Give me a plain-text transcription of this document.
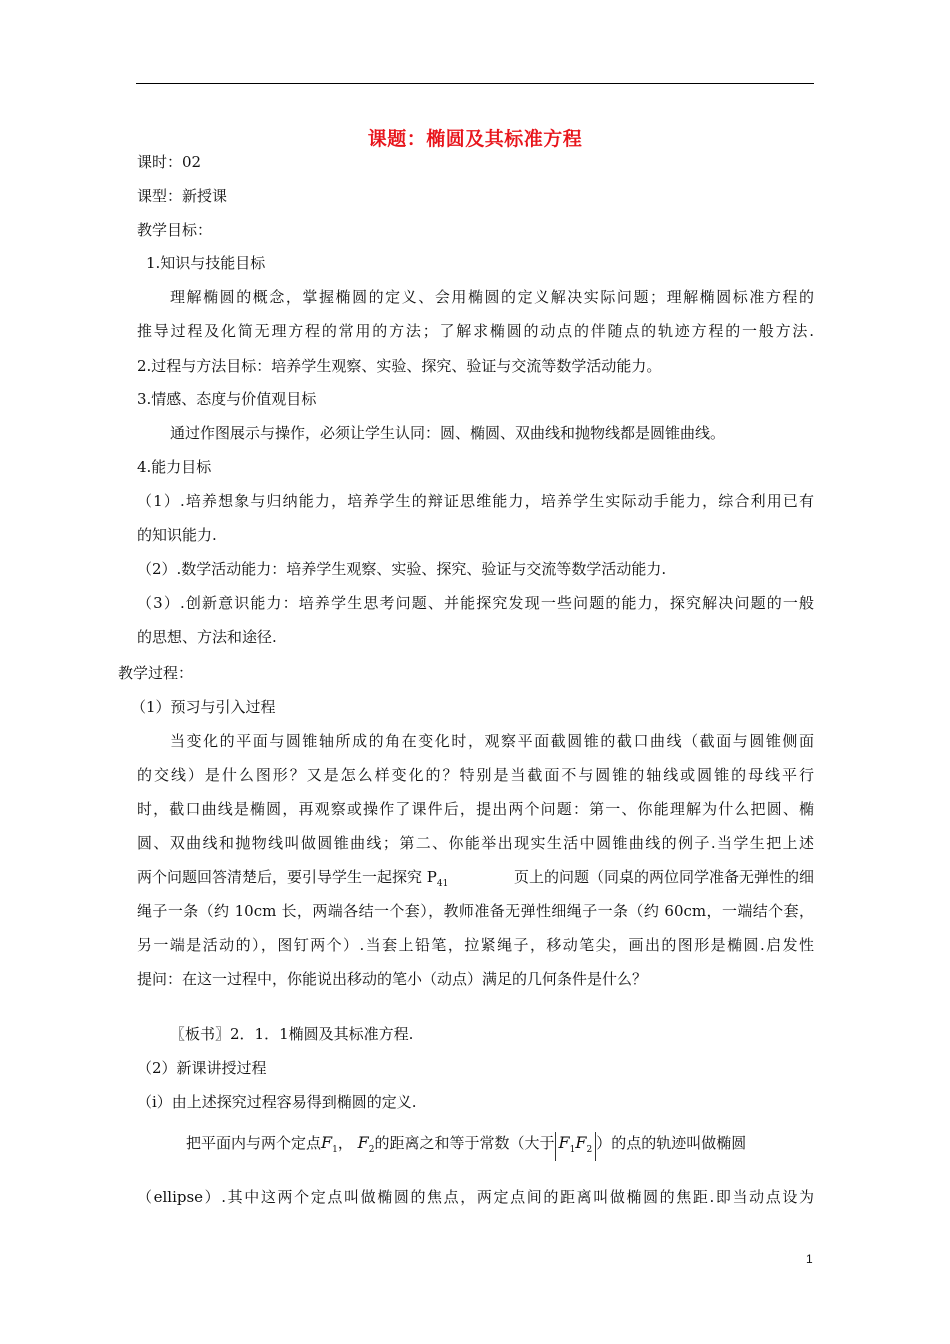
课题：椭圆及其标准方程
课时：02
课型：新授课
教学目标：
1.知识与技能目标
理解椭圆的概念，掌握椭圆的定义、会用椭圆的定义解决实际问题；理解椭圆标准方程的
推导过程及化简无理方程的常用的方法；了解求椭圆的动点的伴随点的轨迹方程的一般方法.
2.过程与方法目标：培养学生观察、实验、探究、验证与交流等数学活动能力。
3.情感、态度与价值观目标
通过作图展示与操作，必须让学生认同：圆、椭圆、双曲线和抛物线都是圆锥曲线。
4.能力目标
（1）.培养想象与归纳能力，培养学生的辩证思维能力，培养学生实际动手能力，综合利用已有
的知识能力.
（2）.数学活动能力：培养学生观察、实验、探究、验证与交流等数学活动能力.
（3）.创新意识能力：培养学生思考问题、并能探究发现一些问题的能力，探究解决问题的一般
的思想、方法和途径.
教学过程：
（1）预习与引入过程
当变化的平面与圆锥轴所成的角在变化时，观察平面截圆锥的截口曲线（截面与圆锥侧面
的交线）是什么图形？又是怎么样变化的？特别是当截面不与圆锥的轴线或圆锥的母线平行
时，截口曲线是椭圆，再观察或操作了课件后，提出两个问题：第一、你能理解为什么把圆、椭
圆、双曲线和抛物线叫做圆锥曲线；第二、你能举出现实生活中圆锥曲线的例子.当学生把上述
两个问题回答清楚后，要引导学生一起探究 $P_{41}$	页上的问题（同桌的两位同学准备无弹性的细
绳子一条（约 10cm 长，两端各结一个套），教师准备无弹性细绳子一条（约 60cm，一端结个套，
另一端是活动的），图钉两个）.当套上铅笔，拉紧绳子，移动笔尖，画出的图形是椭圆.启发性
提问：在这一过程中，你能说出移动的笔小（动点）满足的几何条件是什么？
〖板书〗2．1．1椭圆及其标准方程.
（2）新课讲授过程
（i）由上述探究过程容易得到椭圆的定义.
把平面内与两个定点$F_1$， $F_2$的距离之和等于常数（大于 $F_1F_2$ ）的点的轨迹叫做椭圆
（ellipse）.其中这两个定点叫做椭圆的焦点，两定点间的距离叫做椭圆的焦距.即当动点设为
1
